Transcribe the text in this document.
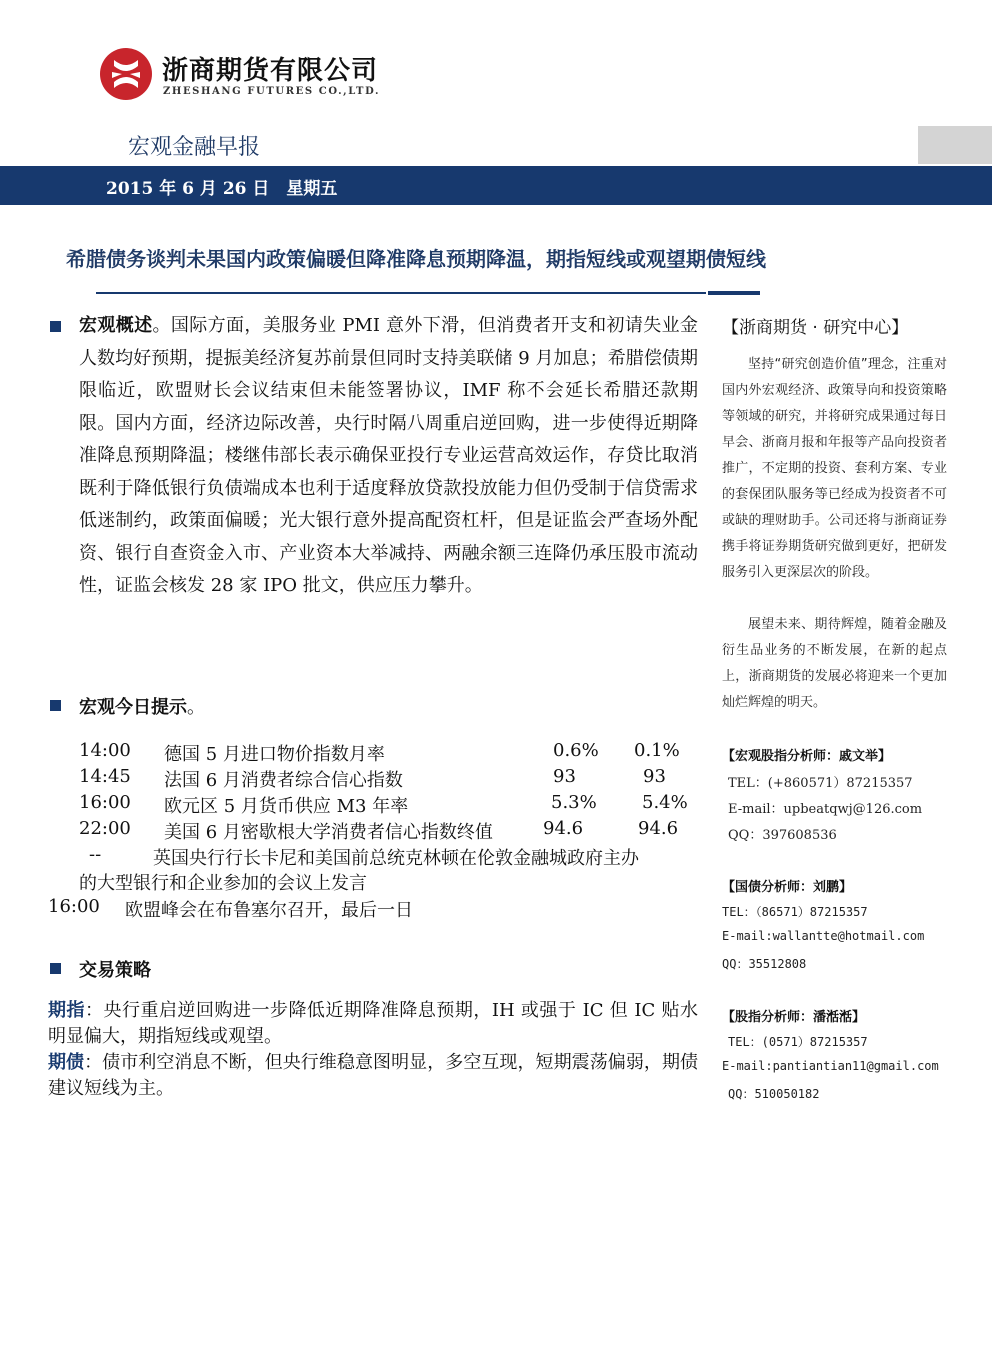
浙商期货有限公司
ZHESHANG FUTURES CO.,LTD.
宏观金融早报
2015 年 6 月 26 日　星期五
希腊债务谈判未果国内政策偏暖但降准降息预期降温，期指短线或观望期债短线
宏观概述。国际方面，美服务业 PMI 意外下滑，但消费者开支和初请失业金人数均好预期，提振美经济复苏前景但同时支持美联储 9 月加息；希腊偿债期限临近，欧盟财长会议结束但未能签署协议，IMF 称不会延长希腊还款期限。国内方面，经济边际改善，央行时隔八周重启逆回购，进一步使得近期降准降息预期降温；楼继伟部长表示确保亚投行专业运营高效运作，存贷比取消既利于降低银行负债端成本也利于适度释放贷款投放能力但仍受制于信贷需求低迷制约，政策面偏暖；光大银行意外提高配资杠杆，但是证监会严查场外配资、银行自查资金入市、产业资本大举减持、两融余额三连降仍承压股市流动性，证监会核发 28 家 IPO 批文，供应压力攀升。
宏观今日提示。
14:00 德国 5 月进口物价指数月率	0.6% 0.1%
14:45 法国 6 月消费者综合信心指数	93	93
16:00 欧元区 5 月货币供应 M3 年率	5.3%	5.4%
22:00 美国 6 月密歇根大学消费者信心指数终值	94.6	94.6
--	英国央行行长卡尼和美国前总统克林顿在伦敦金融城政府主办
的大型银行和企业参加的会议上发言
16:00 欧盟峰会在布鲁塞尔召开，最后一日
交易策略
期指：央行重启逆回购进一步降低近期降准降息预期，IH 或强于 IC 但 IC 贴水明显偏大，期指短线或观望。
期债：债市利空消息不断，但央行维稳意图明显，多空互现，短期震荡偏弱，期债建议短线为主。
【浙商期货 · 研究中心】
坚持“研究创造价值”理念，注重对国内外宏观经济、政策导向和投资策略等领域的研究，并将研究成果通过每日早会、浙商月报和年报等产品向投资者推广，不定期的投资、套利方案、专业的套保团队服务等已经成为投资者不可或缺的理财助手。公司还将与浙商证券携手将证券期货研究做到更好，把研发服务引入更深层次的阶段。
展望未来、期待辉煌，随着金融及衍生品业务的不断发展，在新的起点上，浙商期货的发展必将迎来一个更加灿烂辉煌的明天。
【宏观股指分析师：戚文举】
TEL：(+860571）87215357
E-mail：upbeatqwj@126.com
QQ：397608536
【国债分析师：刘鹏】
TEL：（86571）87215357
E-mail:wallantte@hotmail.com
QQ：35512808
【股指分析师：潘湉湉】
TEL：(0571）87215357
E-mail:pantiantian11@gmail.com
QQ：510050182
